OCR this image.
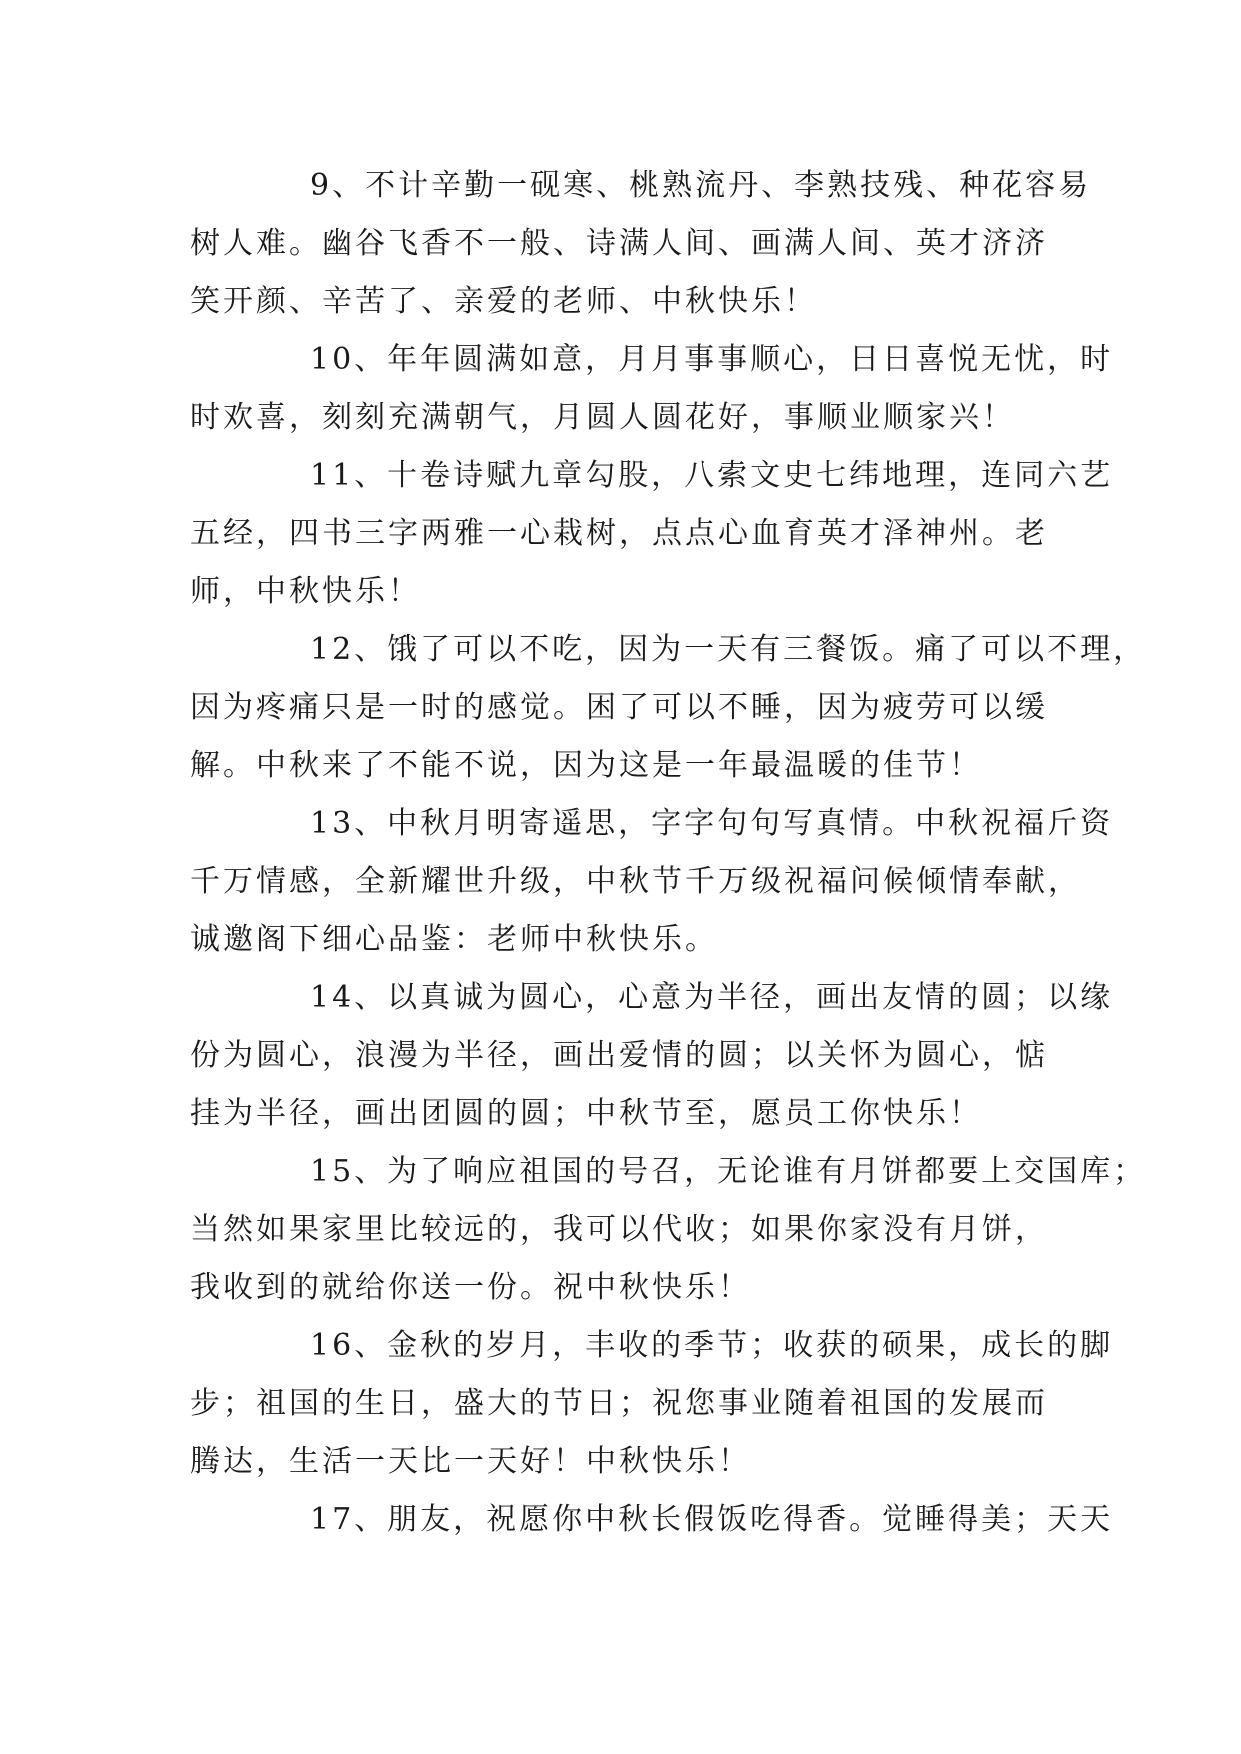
9、不计辛勤一砚寒、桃熟流丹、李熟技残、种花容易
树人难。幽谷飞香不一般、诗满人间、画满人间、英才济济
笑开颜、辛苦了、亲爱的老师、中秋快乐！

10、年年圆满如意，月月事事顺心，日日喜悦无忧，时
时欢喜，刻刻充满朝气，月圆人圆花好，事顺业顺家兴！

11、十卷诗赋九章勾股，八索文史七纬地理，连同六艺
五经，四书三字两雅一心栽树，点点心血育英才泽神州。老
师，中秋快乐！

12、饿了可以不吃，因为一天有三餐饭。痛了可以不理，
因为疼痛只是一时的感觉。困了可以不睡，因为疲劳可以缓
解。中秋来了不能不说，因为这是一年最温暖的佳节！

13、中秋月明寄遥思，字字句句写真情。中秋祝福斤资
千万情感，全新耀世升级，中秋节千万级祝福问候倾情奉献，
诚邀阁下细心品鉴：老师中秋快乐。

14、以真诚为圆心，心意为半径，画出友情的圆；以缘
份为圆心，浪漫为半径，画出爱情的圆；以关怀为圆心，惦
挂为半径，画出团圆的圆；中秋节至，愿员工你快乐！

15、为了响应祖国的号召，无论谁有月饼都要上交国库；
当然如果家里比较远的，我可以代收；如果你家没有月饼，
我收到的就给你送一份。祝中秋快乐！

16、金秋的岁月，丰收的季节；收获的硕果，成长的脚
步；祖国的生日，盛大的节日；祝您事业随着祖国的发展而
腾达，生活一天比一天好！中秋快乐！

17、朋友，祝愿你中秋长假饭吃得香。觉睡得美；天天
